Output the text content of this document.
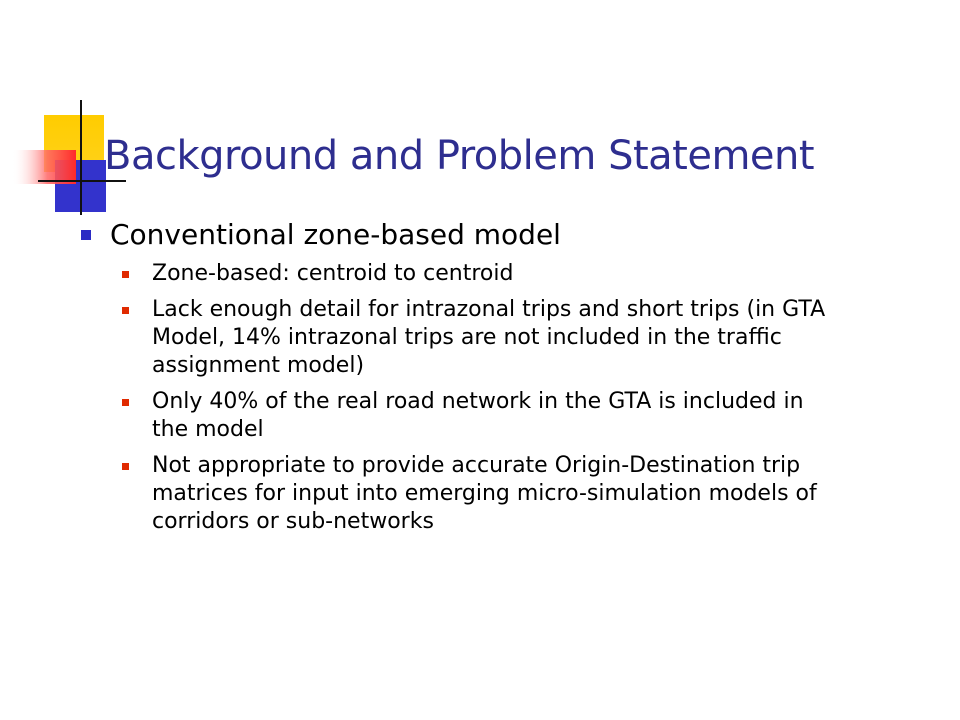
Background and Problem Statement
Conventional zone-based model
Zone-based: centroid to centroid
Lack enough detail for intrazonal trips and short trips (in GTA Model, 14% intrazonal trips are not included in the traffic assignment model)
Only 40% of the real road network in the GTA is included in the model
Not appropriate to provide accurate Origin-Destination trip matrices for input into emerging micro-simulation models of corridors or sub-networks
